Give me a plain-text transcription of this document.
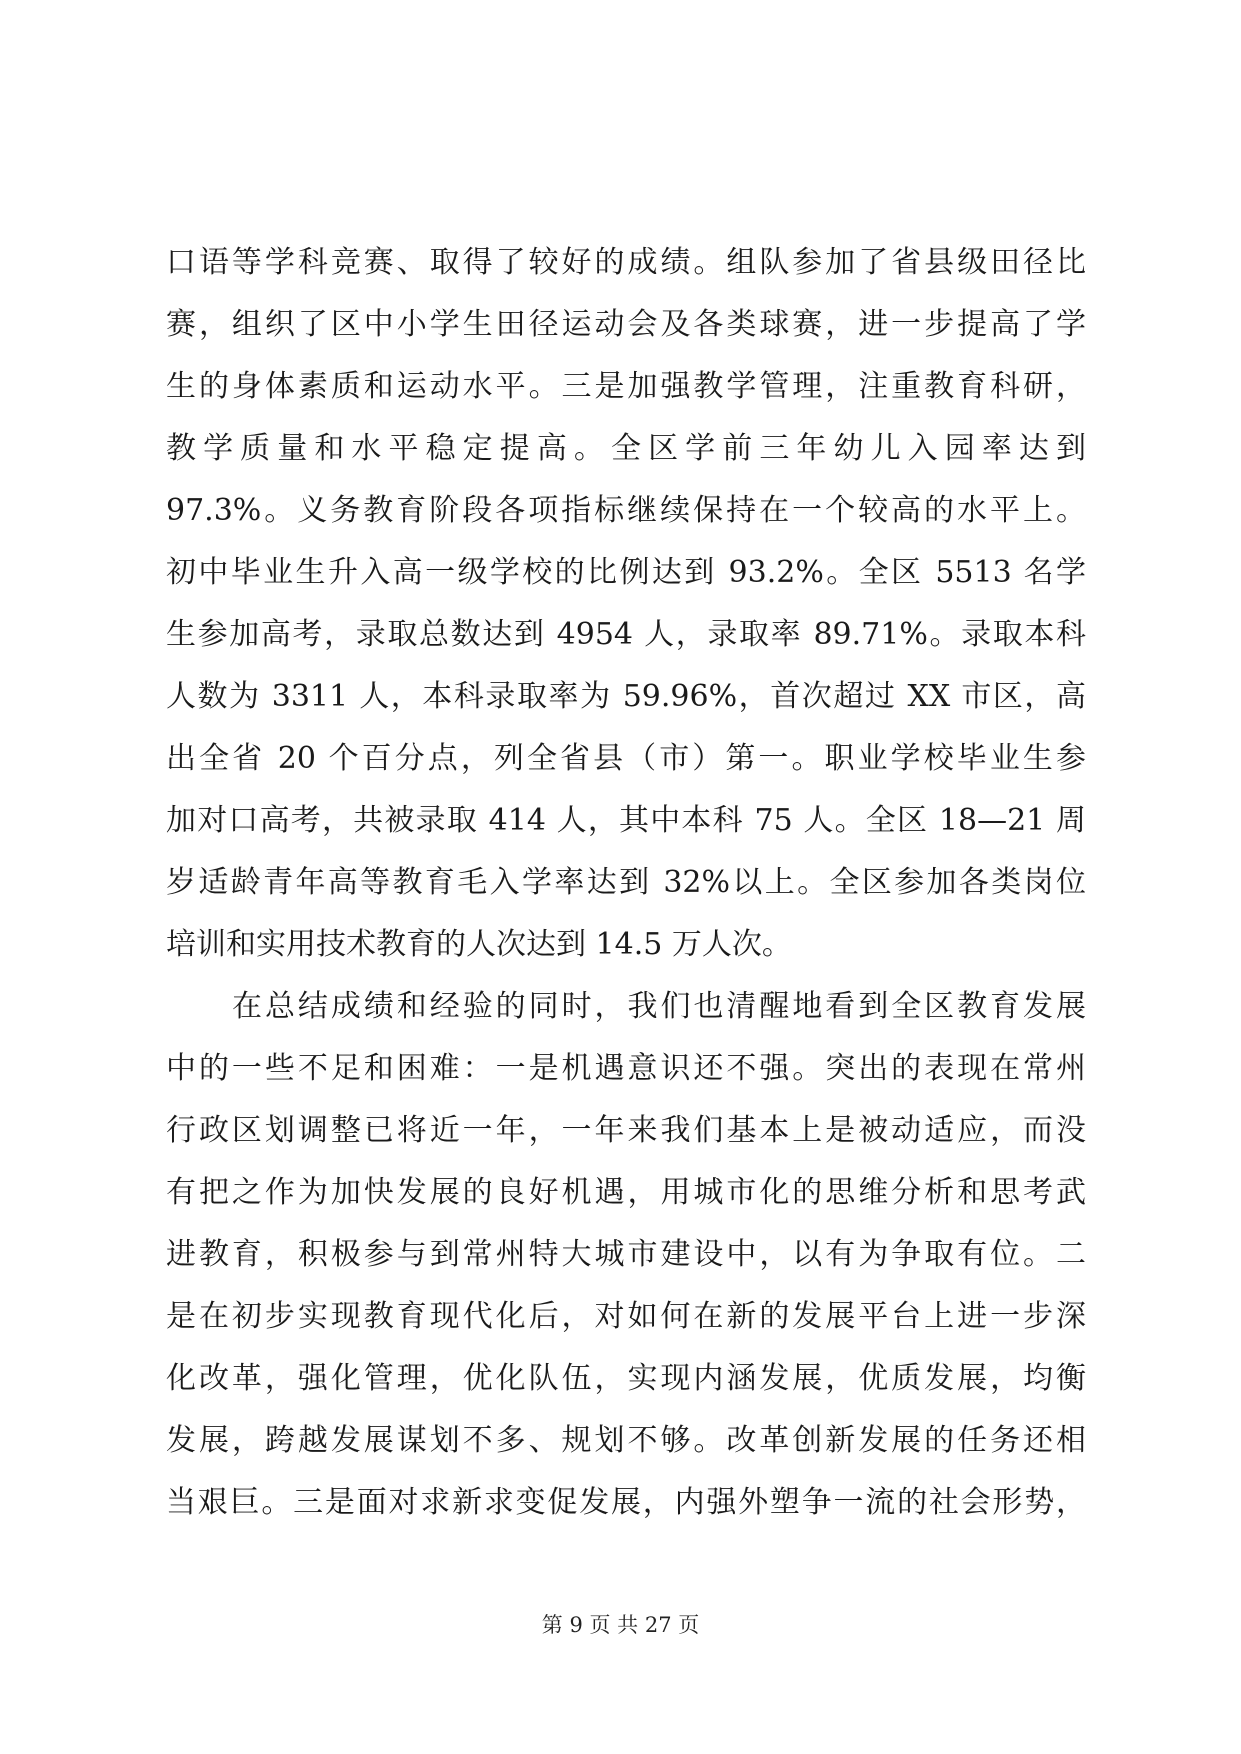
口语等学科竞赛、取得了较好的成绩。组队参加了省县级田径比
赛，组织了区中小学生田径运动会及各类球赛，进一步提高了学
生的身体素质和运动水平。三是加强教学管理，注重教育科研，
教学质量和水平稳定提高。全区学前三年幼儿入园率达到
97.3%。义务教育阶段各项指标继续保持在一个较高的水平上。
初中毕业生升入高一级学校的比例达到 93.2%。全区 5513 名学
生参加高考，录取总数达到 4954 人，录取率 89.71%。录取本科
人数为 3311 人，本科录取率为 59.96%，首次超过 XX 市区，高
出全省 20 个百分点，列全省县（市）第一。职业学校毕业生参
加对口高考，共被录取 414 人，其中本科 75 人。全区 18—21 周
岁适龄青年高等教育毛入学率达到 32%以上。全区参加各类岗位
培训和实用技术教育的人次达到 14.5 万人次。
在总结成绩和经验的同时，我们也清醒地看到全区教育发展
中的一些不足和困难：一是机遇意识还不强。突出的表现在常州
行政区划调整已将近一年，一年来我们基本上是被动适应，而没
有把之作为加快发展的良好机遇，用城市化的思维分析和思考武
进教育，积极参与到常州特大城市建设中，以有为争取有位。二
是在初步实现教育现代化后，对如何在新的发展平台上进一步深
化改革，强化管理，优化队伍，实现内涵发展，优质发展，均衡
发展，跨越发展谋划不多、规划不够。改革创新发展的任务还相
当艰巨。三是面对求新求变促发展，内强外塑争一流的社会形势，
第 9 页 共 27 页
